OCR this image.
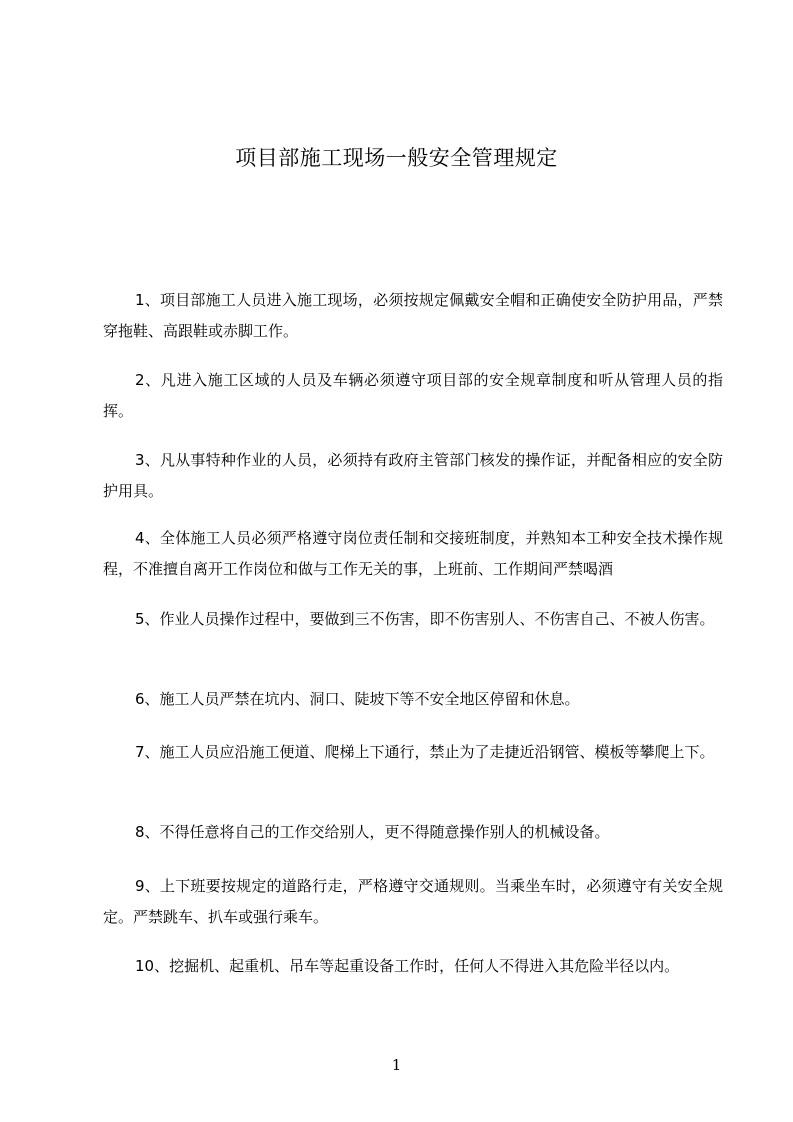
项目部施工现场一般安全管理规定

1、项目部施工人员进入施工现场，必须按规定佩戴安全帽和正确使安全防护用品，严禁穿拖鞋、高跟鞋或赤脚工作。

2、凡进入施工区域的人员及车辆必须遵守项目部的安全规章制度和听从管理人员的指挥。

3、凡从事特种作业的人员，必须持有政府主管部门核发的操作证，并配备相应的安全防护用具。

4、全体施工人员必须严格遵守岗位责任制和交接班制度，并熟知本工种安全技术操作规程，不准擅自离开工作岗位和做与工作无关的事，上班前、工作期间严禁喝酒

5、作业人员操作过程中，要做到三不伤害，即不伤害别人、不伤害自己、不被人伤害。

6、施工人员严禁在坑内、洞口、陡坡下等不安全地区停留和休息。

7、施工人员应沿施工便道、爬梯上下通行，禁止为了走捷近沿钢管、模板等攀爬上下。

8、不得任意将自己的工作交给别人，更不得随意操作别人的机械设备。

9、上下班要按规定的道路行走，严格遵守交通规则。当乘坐车时，必须遵守有关安全规定。严禁跳车、扒车或强行乘车。

10、挖掘机、起重机、吊车等起重设备工作时，任何人不得进入其危险半径以内。

1
